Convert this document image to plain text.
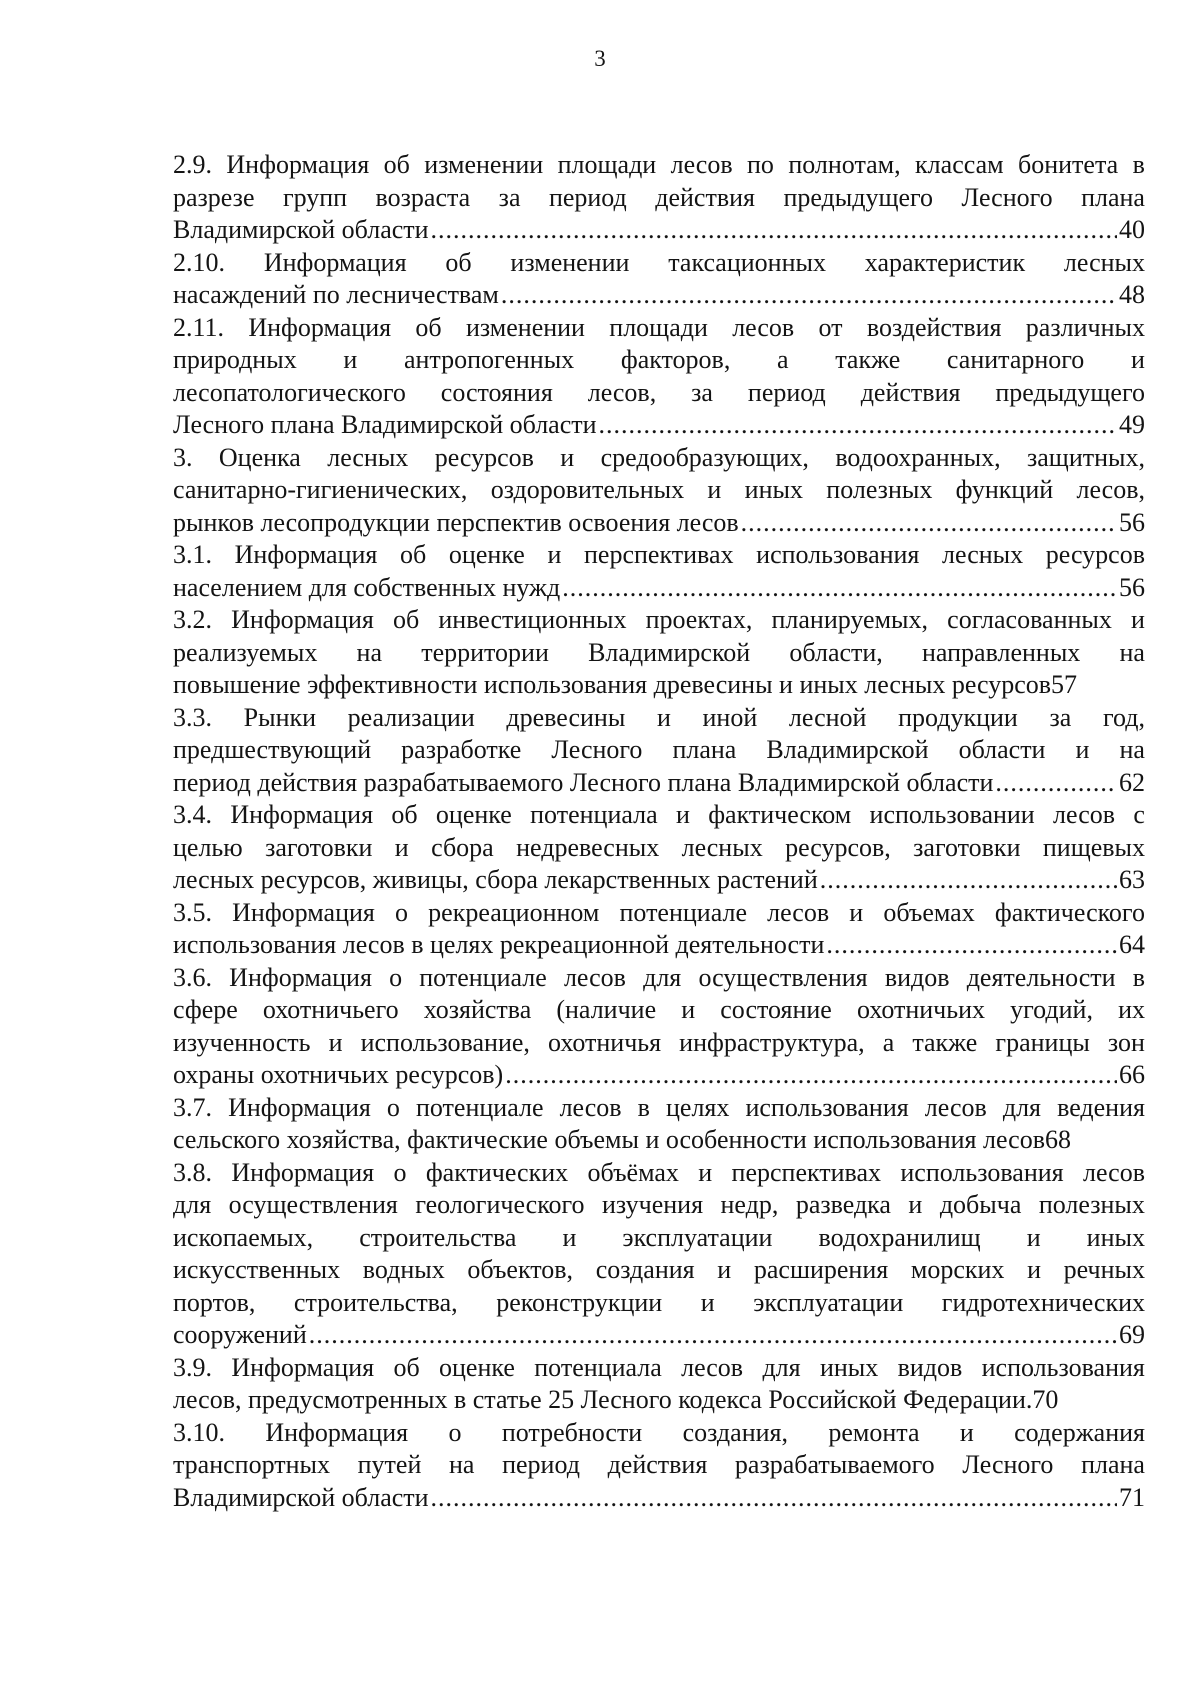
3
2.9. Информация об изменении площади лесов по полнотам, классам бонитета в
разрезе групп возраста за период действия предыдущего Лесного плана
Владимирской области .....	40
2.10. Информация об изменении таксационных характеристик лесных
насаждений по лесничествам .....	48
2.11. Информация об изменении площади лесов от воздействия различных
природных и антропогенных факторов, а также санитарного и
лесопатологического состояния лесов, за период действия предыдущего
Лесного плана Владимирской области .....	49
3. Оценка лесных ресурсов и средообразующих, водоохранных, защитных,
санитарно-гигиенических, оздоровительных и иных полезных функций лесов,
рынков лесопродукции перспектив освоения лесов .....	56
3.1. Информация об оценке и перспективах использования лесных ресурсов
населением для собственных нужд .....	56
3.2. Информация об инвестиционных проектах, планируемых, согласованных и
реализуемых на территории Владимирской области, направленных на
повышение эффективности использования древесины и иных лесных ресурсов 57
3.3. Рынки реализации древесины и иной лесной продукции за год,
предшествующий разработке Лесного плана Владимирской области и на
период действия разрабатываемого Лесного плана Владимирской области .....	62
3.4. Информация об оценке потенциала и фактическом использовании лесов с
целью заготовки и сбора недревесных лесных ресурсов, заготовки пищевых
лесных ресурсов, живицы, сбора лекарственных растений .....	63
3.5. Информация о рекреационном потенциале лесов и объемах фактического
использования лесов в целях рекреационной деятельности .....	64
3.6. Информация о потенциале лесов для осуществления видов деятельности в
сфере охотничьего хозяйства (наличие и состояние охотничьих угодий, их
изученность и использование, охотничья инфраструктура, а также границы зон
охраны охотничьих ресурсов) .....	66
3.7. Информация о потенциале лесов в целях использования лесов для ведения
сельского хозяйства, фактические объемы и особенности использования лесов 68
3.8. Информация о фактических объёмах и перспективах использования лесов
для осуществления геологического изучения недр, разведка и добыча полезных
ископаемых, строительства и эксплуатации водохранилищ и иных
искусственных водных объектов, создания и расширения морских и речных
портов, строительства, реконструкции и эксплуатации гидротехнических
сооружений .....	69
3.9. Информация об оценке потенциала лесов для иных видов использования
лесов, предусмотренных в статье 25 Лесного кодекса Российской Федерации. 70
3.10. Информация о потребности создания, ремонта и содержания
транспортных путей на период действия разрабатываемого Лесного плана
Владимирской области .....	71
